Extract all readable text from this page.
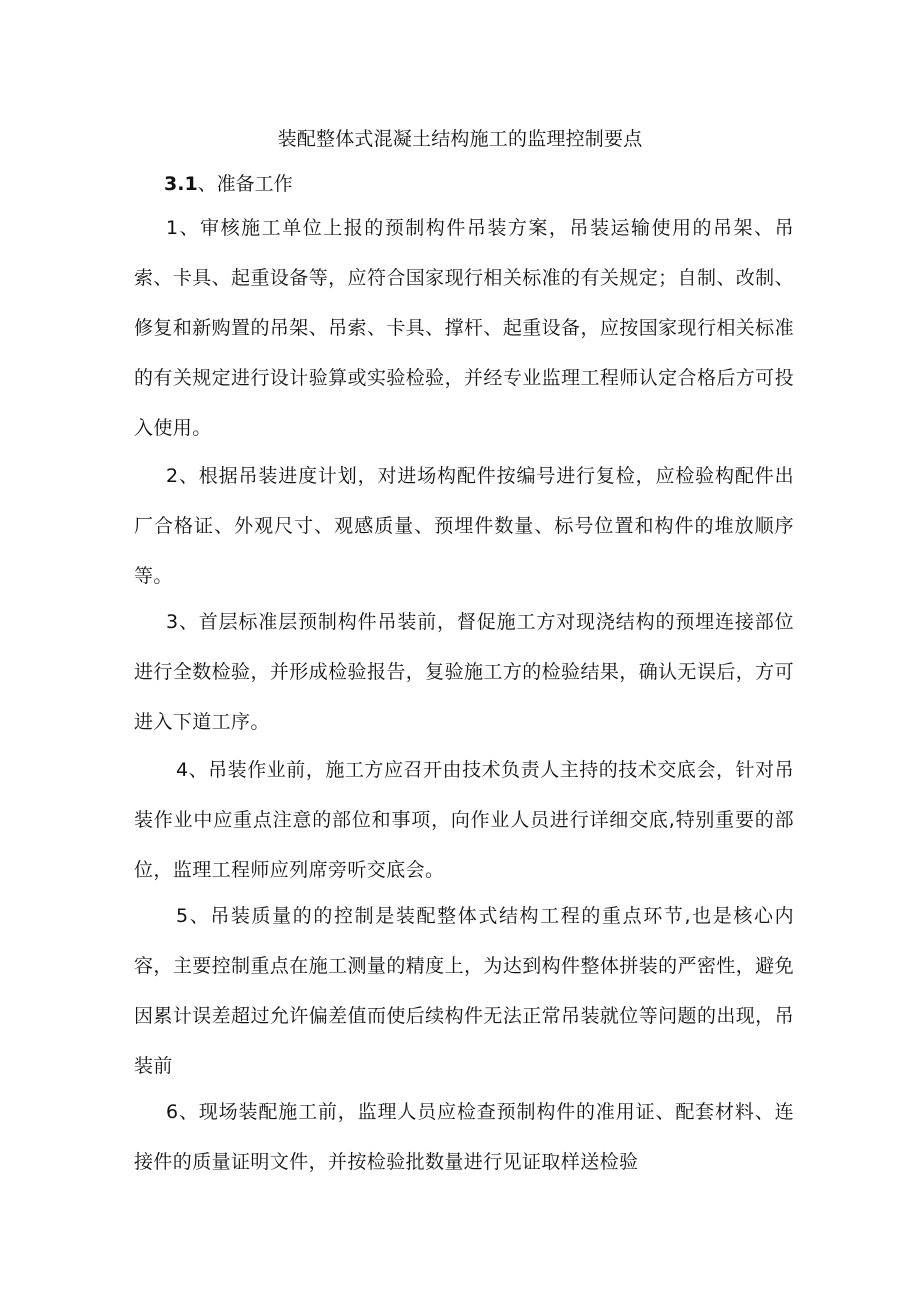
装配整体式混凝土结构施工的监理控制要点
3.1、准备工作

1、审核施工单位上报的预制构件吊装方案，吊装运输使用的吊架、吊索、卡具、起重设备等，应符合国家现行相关标准的有关规定；自制、改制、修复和新购置的吊架、吊索、卡具、撑杆、起重设备，应按国家现行相关标准的有关规定进行设计验算或实验检验，并经专业监理工程师认定合格后方可投入使用。

2、根据吊装进度计划，对进场构配件按编号进行复检，应检验构配件出厂合格证、外观尺寸、观感质量、预埋件数量、标号位置和构件的堆放顺序等。

3、首层标准层预制构件吊装前，督促施工方对现浇结构的预埋连接部位进行全数检验，并形成检验报告，复验施工方的检验结果，确认无误后，方可进入下道工序。

4、吊装作业前，施工方应召开由技术负责人主持的技术交底会，针对吊装作业中应重点注意的部位和事项，向作业人员进行详细交底,特别重要的部位，监理工程师应列席旁听交底会。

5、吊装质量的的控制是装配整体式结构工程的重点环节,也是核心内容，主要控制重点在施工测量的精度上，为达到构件整体拼装的严密性，避免因累计误差超过允许偏差值而使后续构件无法正常吊装就位等问题的出现，吊装前

6、现场装配施工前，监理人员应检查预制构件的准用证、配套材料、连接件的质量证明文件，并按检验批数量进行见证取样送检验
